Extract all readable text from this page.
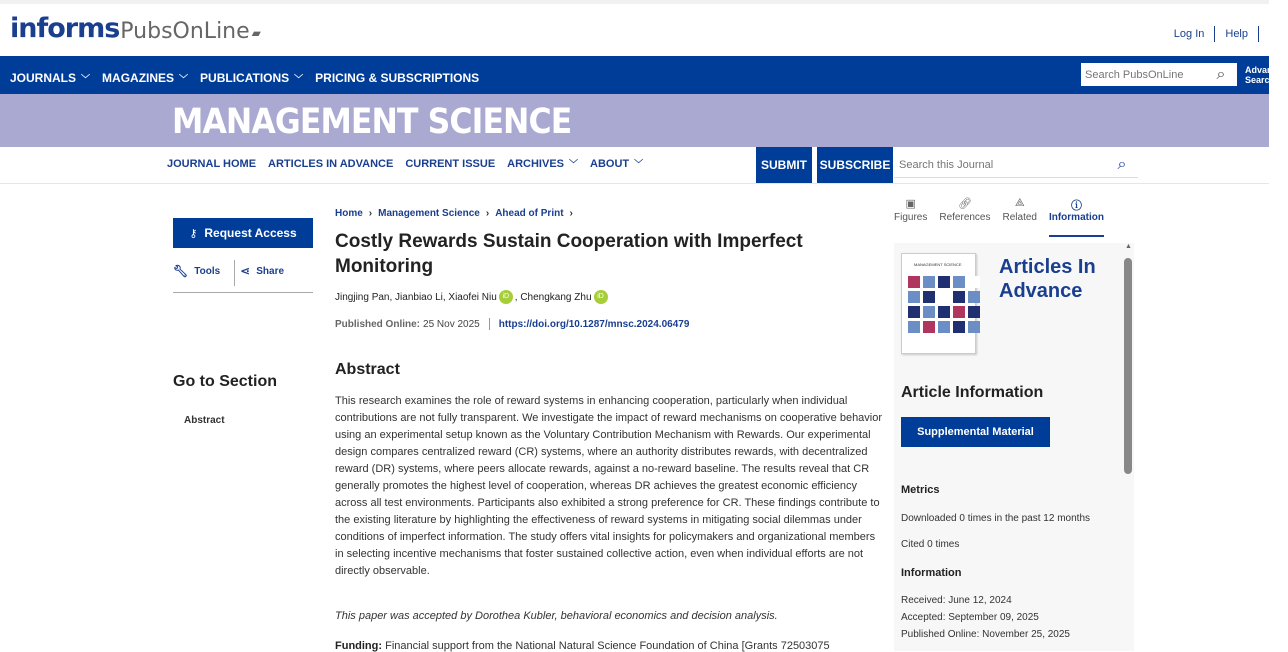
informs PubsOnLine ▰	Log In	Help
JOURNALS ﹀ MAGAZINES ﹀ PUBLICATIONS ﹀ PRICING & SUBSCRIPTIONS
Search PubsOnLine	⌕	Advanced Search
MANAGEMENT SCIENCE
JOURNAL HOME ARTICLES IN ADVANCE CURRENT ISSUE ARCHIVES ﹀ ABOUT ﹀	SUBMIT	SUBSCRIBE
Search this Journal	⌕
⚷ Request Access
🔧︎ Tools ⋖ Share
Go to Section
Abstract
Home › Management Science › Ahead of Print ›
Costly Rewards Sustain Cooperation with Imperfect Monitoring
Jingjing Pan, Jianbiao Li, Xiaofei Niu iD , Chengkang Zhu iD
Published Online: 25 Nov 2025 https://doi.org/10.1287/mnsc.2024.06479
Abstract

This research examines the role of reward systems in enhancing cooperation, particularly when individual contributions are not fully transparent. We investigate the impact of reward mechanisms on cooperative behavior using an experimental setup known as the Voluntary Contribution Mechanism with Rewards. Our experimental design compares centralized reward (CR) systems, where an authority distributes rewards, with decentralized reward (DR) systems, where peers allocate rewards, against a no-reward baseline. The results reveal that CR generally promotes the highest level of cooperation, whereas DR achieves the greatest economic efficiency across all test environments. Participants also exhibited a strong preference for CR. These findings contribute to the existing literature by highlighting the effectiveness of reward systems in mitigating social dilemmas under conditions of imperfect information. The study offers vital insights for policymakers and organizational members in selecting incentive mechanisms that foster sustained collective action, even when individual efforts are not directly observable.

This paper was accepted by Dorothea Kubler, behavioral economics and decision analysis.

Funding: Financial support from the National Natural Science Foundation of China [Grants 72503075

▣
Figures
🔗︎
References
⟁
Related
ⓘ
Information
MANAGEMENT SCIENCE Articles In Advance
▲
Article Information
Supplemental Material
Metrics
Downloaded 0 times in the past 12 months
Cited 0 times
Information
Received: June 12, 2024
Accepted: September 09, 2025
Published Online: November 25, 2025
